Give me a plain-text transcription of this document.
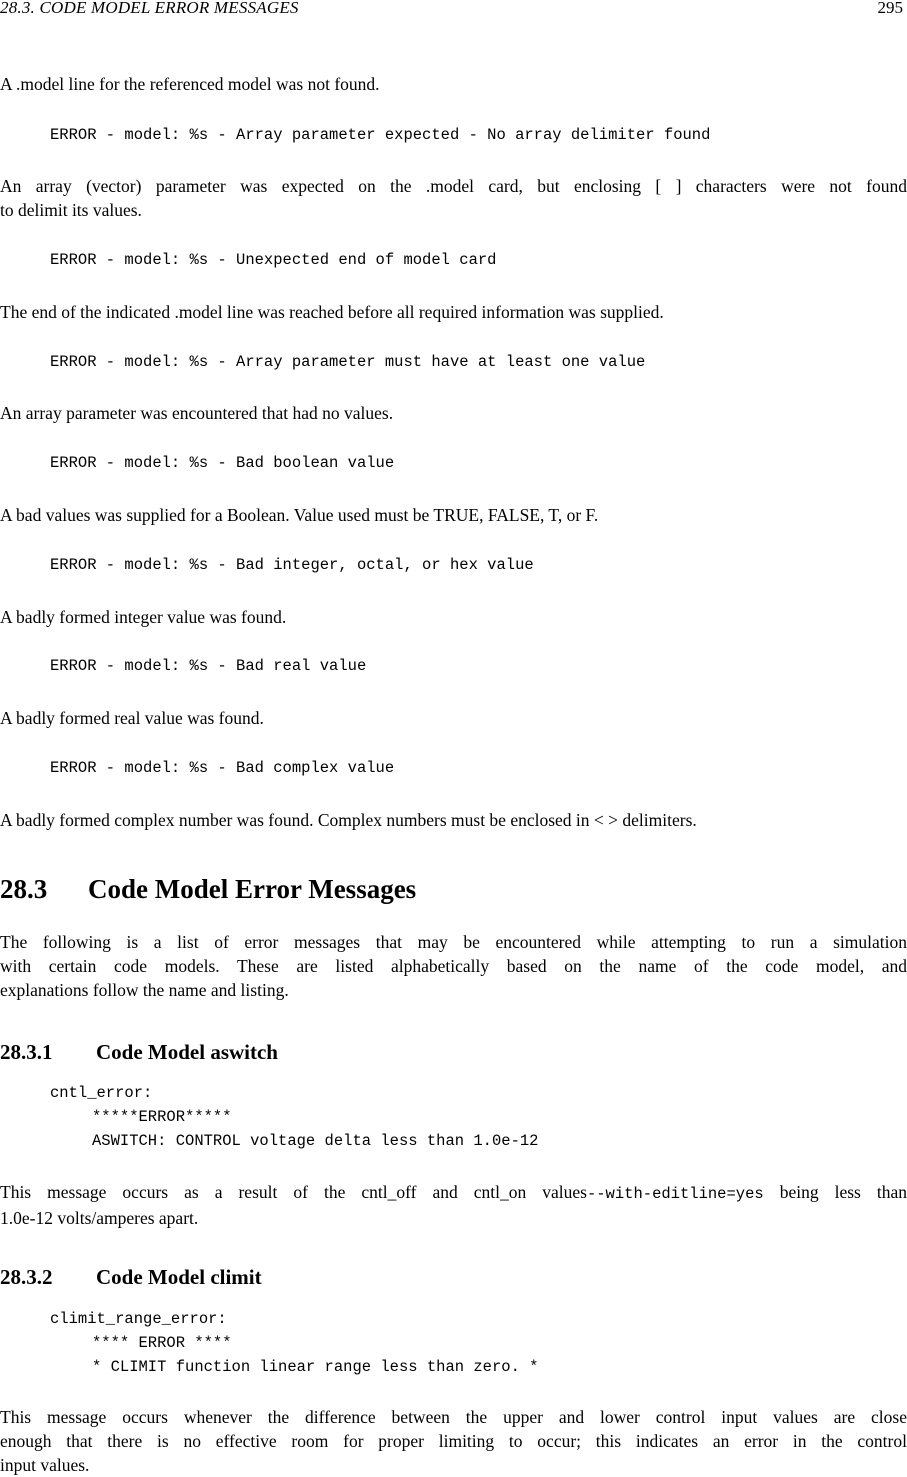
28.3. CODE MODEL ERROR MESSAGES	295
A .model line for the referenced model was not found.
ERROR - model: %s - Array parameter expected - No array delimiter found
An array (vector) parameter was expected on the .model card, but enclosing [ ] characters were not found
to delimit its values.
ERROR - model: %s - Unexpected end of model card
The end of the indicated .model line was reached before all required information was supplied.
ERROR - model: %s - Array parameter must have at least one value
An array parameter was encountered that had no values.
ERROR - model: %s - Bad boolean value
A bad values was supplied for a Boolean. Value used must be TRUE, FALSE, T, or F.
ERROR - model: %s - Bad integer, octal, or hex value
A badly formed integer value was found.
ERROR - model: %s - Bad real value
A badly formed real value was found.
ERROR - model: %s - Bad complex value
A badly formed complex number was found. Complex numbers must be enclosed in < > delimiters.
28.3 Code Model Error Messages
The following is a list of error messages that may be encountered while attempting to run a simulation
with certain code models. These are listed alphabetically based on the name of the code model, and
explanations follow the name and listing.
28.3.1 Code Model aswitch
cntl_error:
*****ERROR*****
ASWITCH: CONTROL voltage delta less than 1.0e-12
This message occurs as a result of the cntl_off and cntl_on values--with-editline=yes being less than
1.0e-12 volts/amperes apart.
28.3.2 Code Model climit
climit_range_error:
**** ERROR ****
* CLIMIT function linear range less than zero. *
This message occurs whenever the difference between the upper and lower control input values are close
enough that there is no effective room for proper limiting to occur; this indicates an error in the control
input values.
